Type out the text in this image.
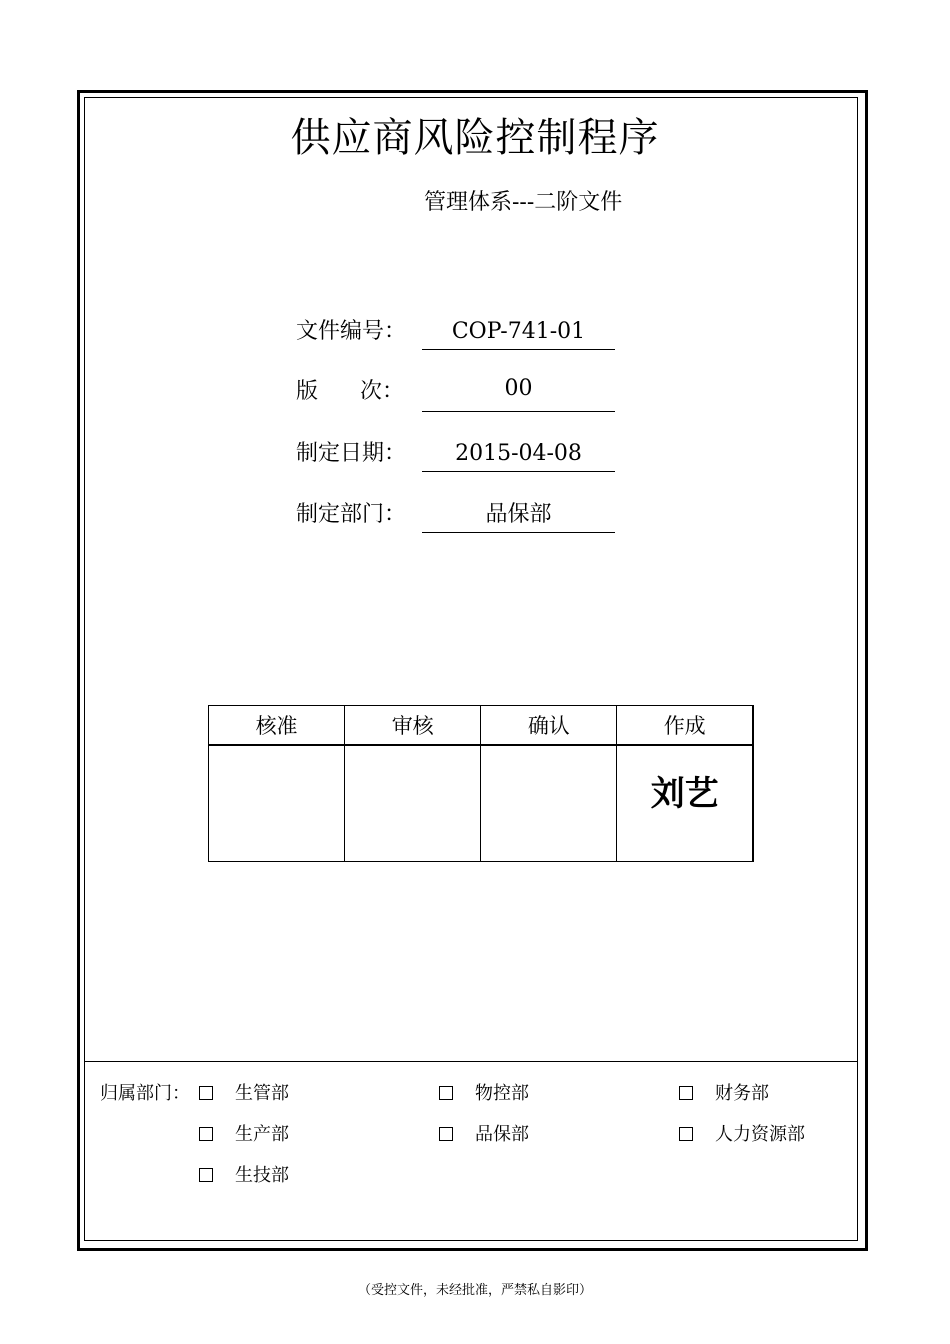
供应商风险控制程序
管理体系---二阶文件
文件编号：	COP-741-01
版      次：	00
制定日期：	2015-04-08
制定部门：	品保部
核准	审核	确认	作成

			刘艺
归属部门：	生管部	物控部	财务部
生产部	品保部	人力资源部
生技部
（受控文件，未经批准，严禁私自影印）
